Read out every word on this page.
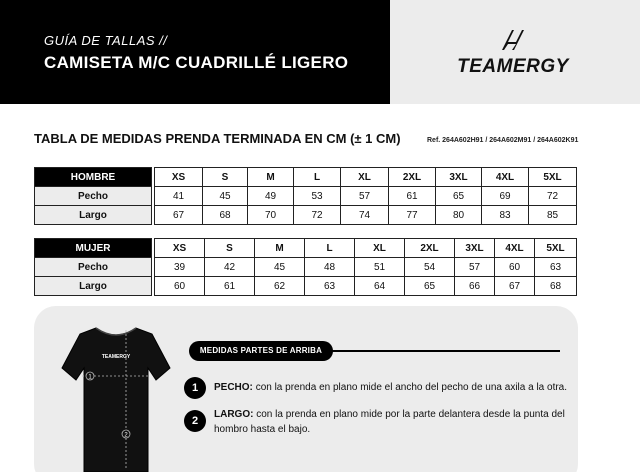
GUÍA DE TALLAS //
CAMISETA M/C CUADRILLÉ LIGERO	TEAMERGY
TABLA DE MEDIDAS PRENDA TERMINADA EN CM (± 1 CM)	Ref. 264A602H91 / 264A602M91 / 264A602K91
HOMBRE		XS	S	M	L	XL	2XL	3XL	4XL	5XL
Pecho		41	45	49	53	57	61	65	69	72
Largo		67	68	70	72	74	77	80	83	85
MUJER		XS	S	M	L	XL	2XL	3XL	4XL	5XL
Pecho		39	42	45	48	51	54	57	60	63
Largo		60	61	62	63	64	65	66	67	68
TEAMERGY
1
2
MEDIDAS PARTES DE ARRIBA
1	PECHO: con la prenda en plano mide el ancho del pecho de una axila a la otra.
2
LARGO: con la prenda en plano mide por la parte delantera desde la punta del
hombro hasta el bajo.
